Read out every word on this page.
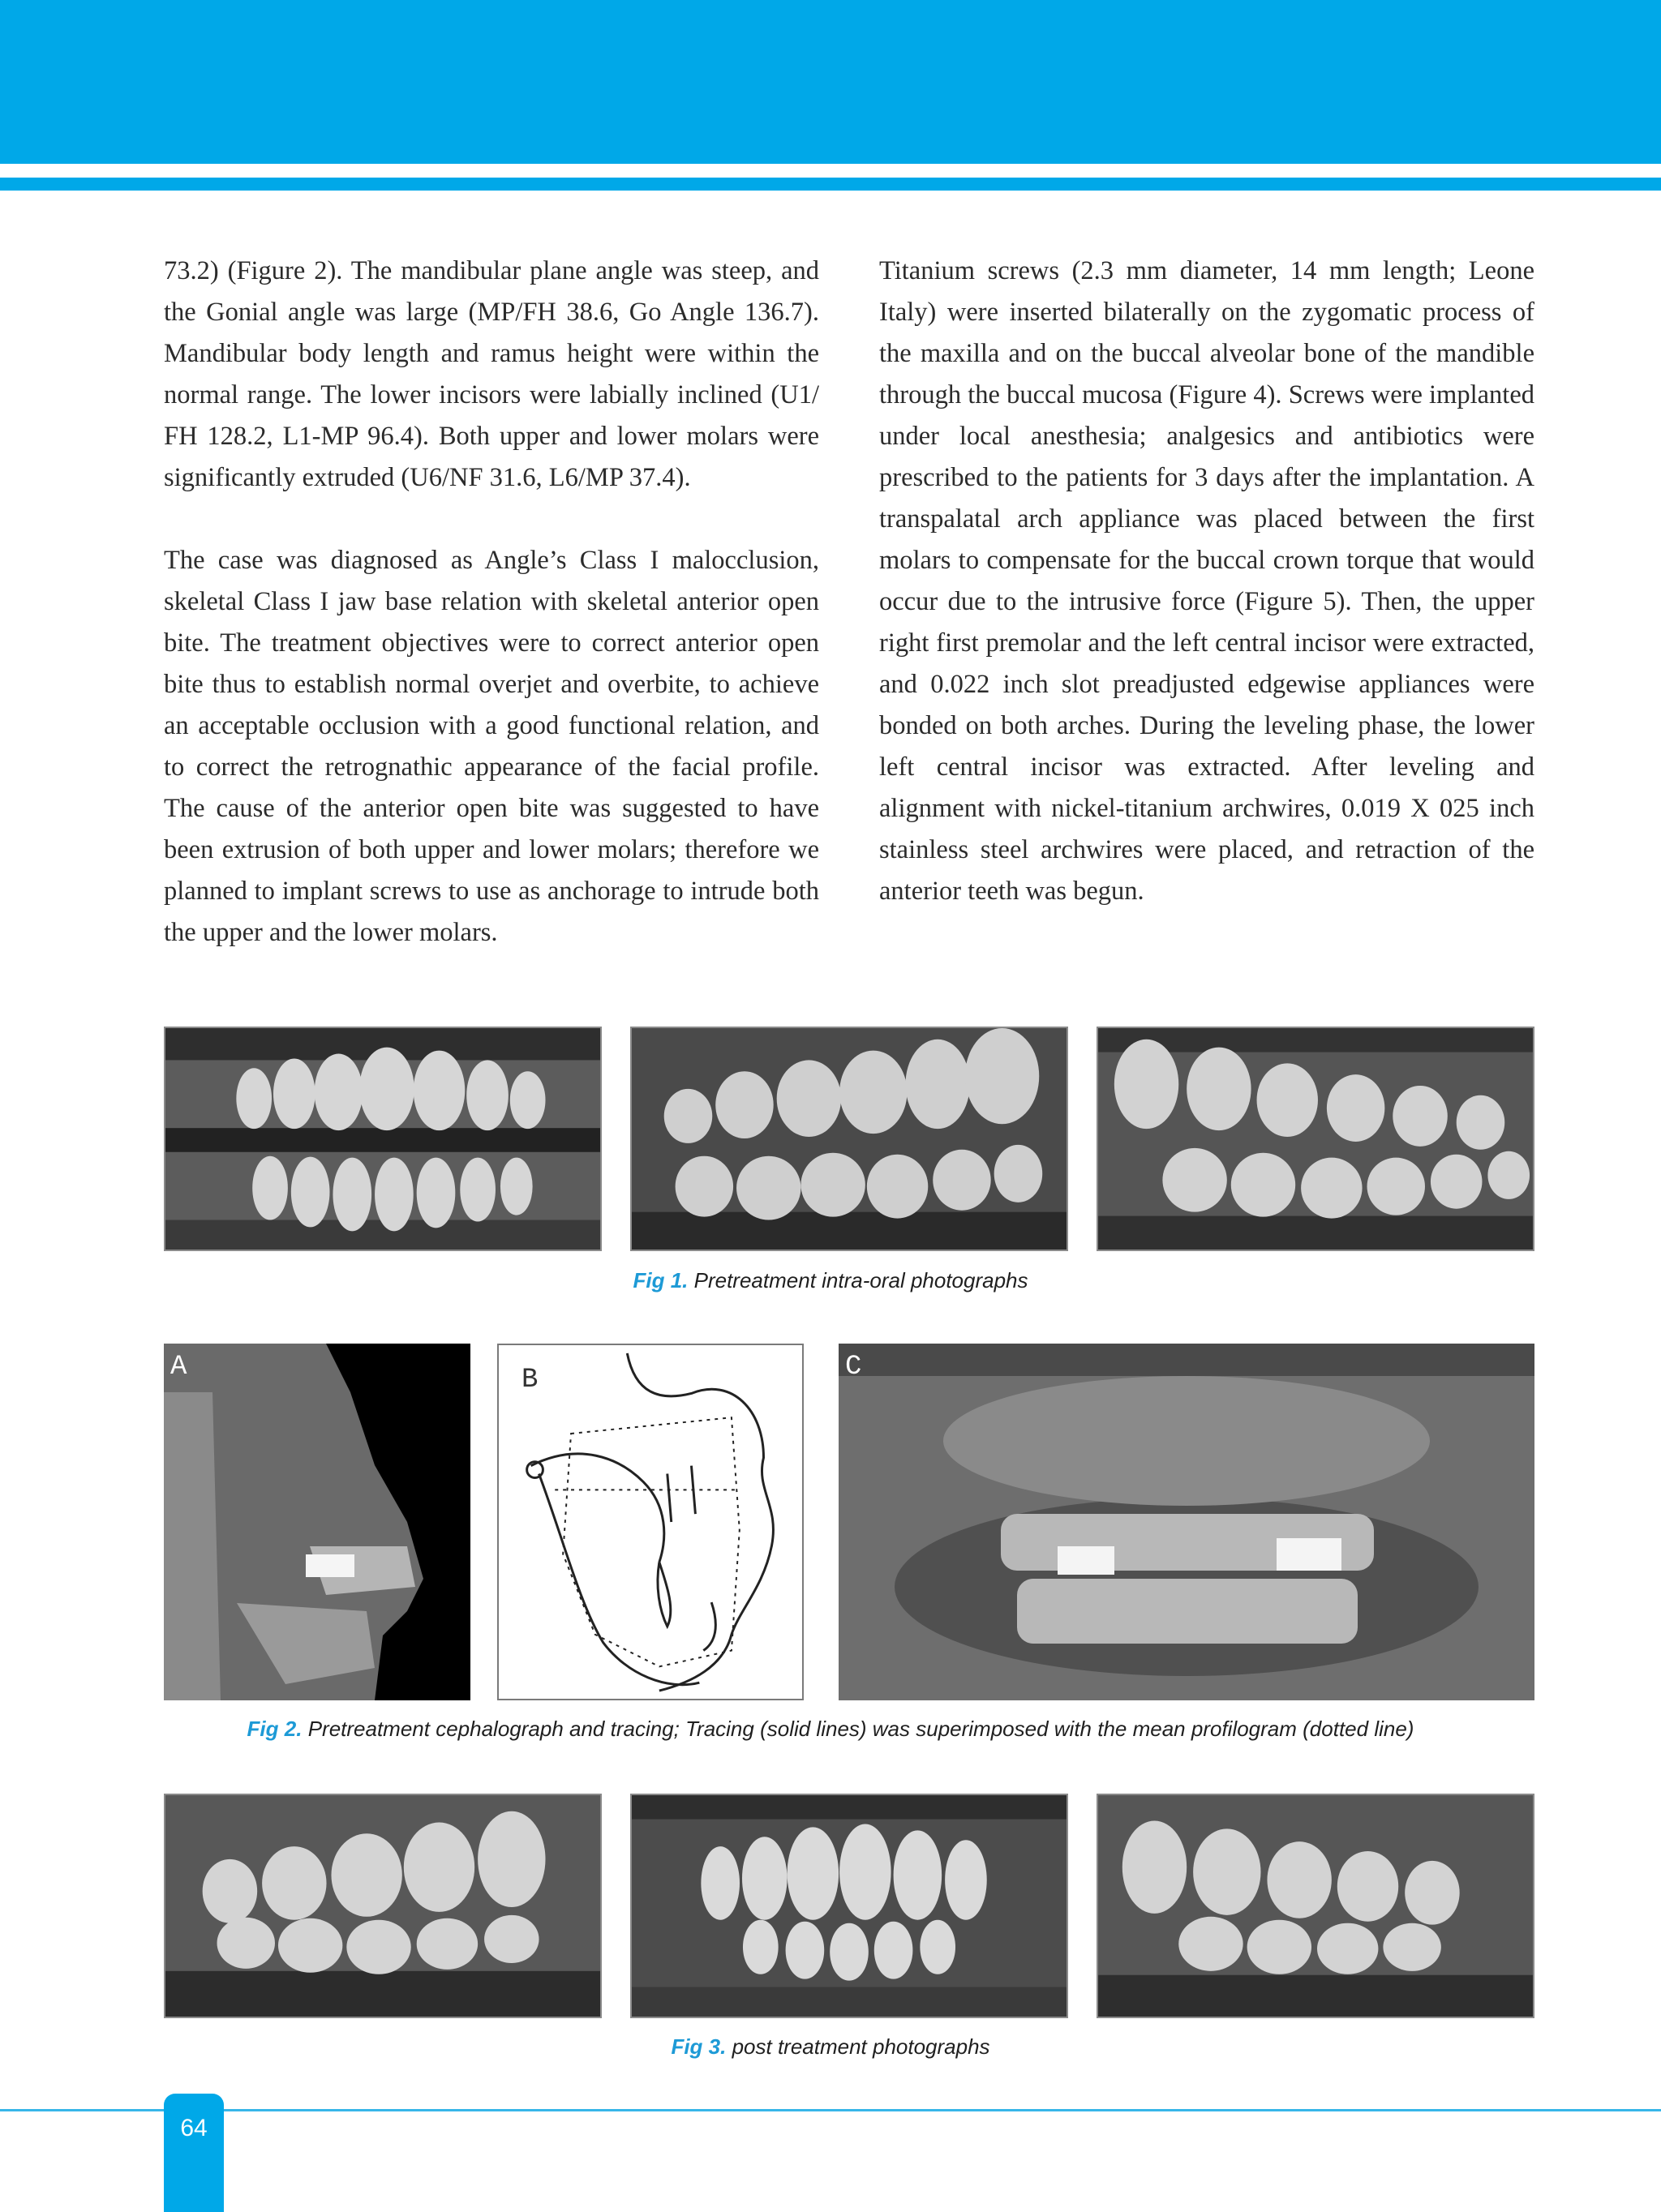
73.2) (Figure 2). The mandibular plane angle was steep, and the Gonial angle was large (MP/FH 38.6, Go Angle 136.7). Mandibular body length and ramus height were within the normal range. The lower incisors were labially inclined (U1/ FH 128.2, L1-MP 96.4). Both upper and lower molars were significantly extruded (U6/NF 31.6, L6/MP 37.4).

The case was diagnosed as Angle’s Class I malocclusion, skeletal Class I jaw base relation with skeletal anterior open bite. The treatment objectives were to correct anterior open bite thus to establish normal overjet and overbite, to achieve an acceptable occlusion with a good functional relation, and to correct the retrognathic appearance of the facial profile. The cause of the anterior open bite was suggested to have been extrusion of both upper and lower molars; therefore we planned to implant screws to use as anchorage to intrude both the upper and the lower molars.

Titanium screws (2.3 mm diameter, 14 mm length; Leone Italy) were inserted bilaterally on the zygomatic process of the maxilla and on the buccal alveolar bone of the mandible through the buccal mucosa (Figure 4). Screws were implanted under local anesthesia; analgesics and antibiotics were prescribed to the patients for 3 days after the implantation. A transpalatal arch appliance was placed between the first molars to compensate for the buccal crown torque that would occur due to the intrusive force (Figure 5). Then, the upper right first premolar and the left central incisor were extracted, and 0.022 inch slot preadjusted edgewise appliances were bonded on both arches. During the leveling phase, the lower left central incisor was extracted. After leveling and alignment with nickel-titanium archwires, 0.019 X 025 inch stainless steel archwires were placed, and retraction of the anterior teeth was begun.

Fig 1. Pretreatment intra-oral photographs
A	B	C
Fig 2. Pretreatment cephalograph and tracing; Tracing (solid lines) was superimposed with the mean profilogram (dotted line)
Fig 3. post treatment photographs
64
